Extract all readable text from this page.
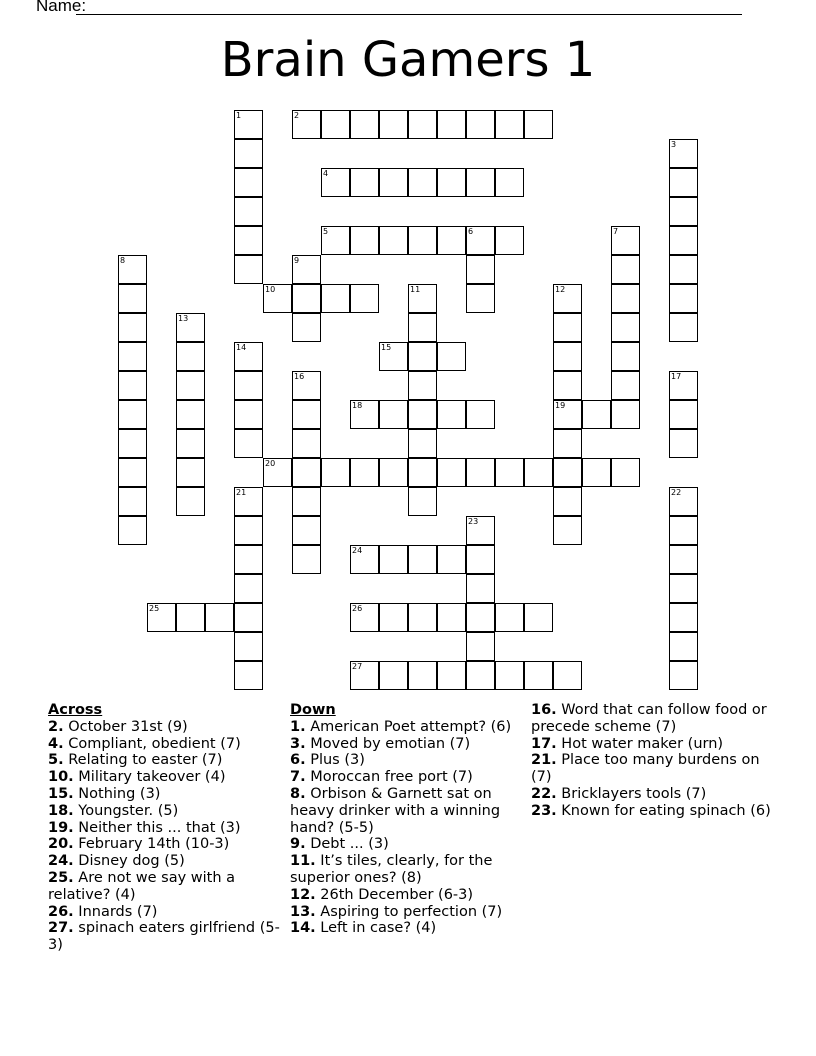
Name:
Brain Gamers 1
1	2
3
4
5	6	7
8	9
10	11	12
19
13
14	15
16	17
18
20
21	22
23
24
25	26
27
Across

2. October 31st (9)

4. Compliant, obedient (7)

5. Relating to easter (7)

10. Military takeover (4)

15. Nothing (3)

18. Youngster. (5)

19. Neither this ... that (3)

20. February 14th (10-3)

24. Disney dog (5)

25. Are not we say with a relative? (4)

26. Innards (7)

27. spinach eaters girlfriend (5-3)

Down

1. American Poet attempt? (6)

3. Moved by emotian (7)

6. Plus (3)

7. Moroccan free port (7)

8. Orbison & Garnett sat on heavy drinker with a winning hand? (5-5)

9. Debt ... (3)

11. It’s tiles, clearly, for the superior ones? (8)

12. 26th December (6-3)

13. Aspiring to perfection (7)

14. Left in case? (4)

16. Word that can follow food or precede scheme (7)

17. Hot water maker (urn)

21. Place too many burdens on (7)

22. Bricklayers tools (7)

23. Known for eating spinach (6)
